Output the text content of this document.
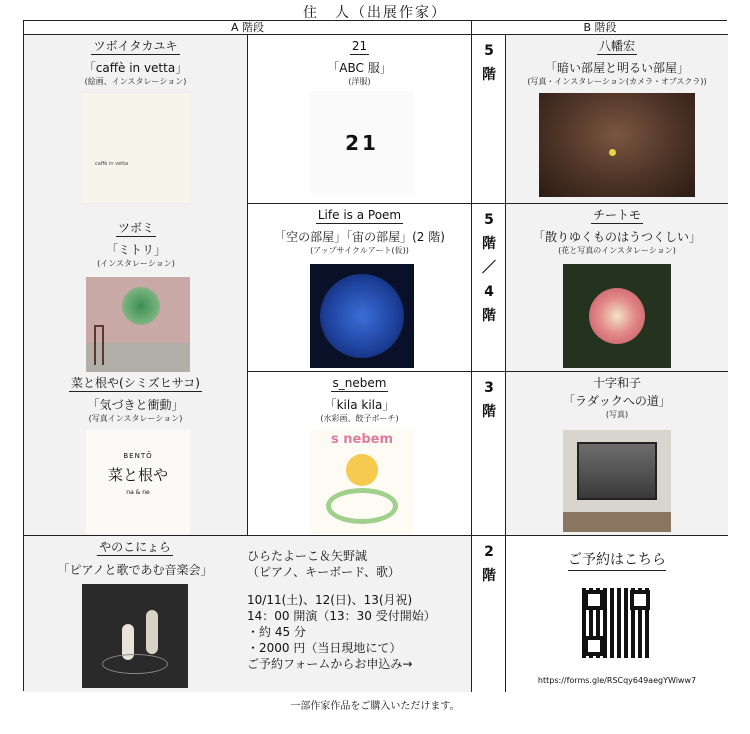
住　人（出展作家）
A 階段	B 階段
ツボイタカユキ
「caffè in vetta」
(絵画、インスタレーション)
caffè in vetta
ツボミ
「ミトリ」
(インスタレーション)
21
「ABC 服」
(洋服)
21
5
階
八幡宏
「暗い部屋と明るい部屋」
(写真・インスタレーション(カメラ・オブスクラ))
Life is a Poem
「空の部屋」「宙の部屋」(2 階)
(アップサイクルアート(仮))
5
階
／
4
階
チートモ
「散りゆくものはうつくしい」
(花と写真のインスタレーション)
菜と根や(シミズヒサコ)
「気づきと衝動」
(写真インスタレーション)
BENTŌ
菜と根や
na & ne
s_nebem
「kila kila」
(水彩画、餃子ポーチ)
s nebem
3
階
十字和子
「ラダックへの道」
(写真)
やのこにょら
「ピアノと歌であむ音楽会」
ひらたよーこ＆矢野誠
（ピアノ、キーボード、歌）
10/11(土)、12(日)、13(月祝)
14：00 開演（13：30 受付開始）
・約 45 分
・2000 円（当日現地にて）
ご予約フォームからお申込み→
2
階
ご予約はこちら
https://forms.gle/RSCqy649aegYWiww7
一部作家作品をご購入いただけます。
